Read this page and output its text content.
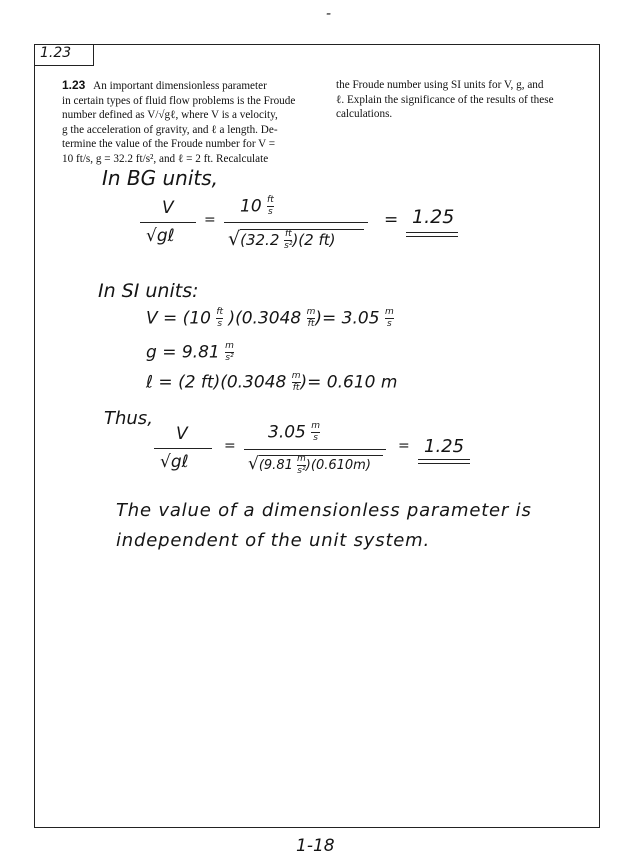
-
1.23
1.23 An important dimensionless parameter
in certain types of fluid flow problems is the Froude
number defined as V/√gℓ, where V is a velocity,
g the acceleration of gravity, and ℓ a length. De-
termine the value of the Froude number for V =
10 ft/s, g = 32.2 ft/s², and ℓ = 2 ft. Recalculate
the Froude number using SI units for V, g, and
ℓ. Explain the significance of the results of these
calculations.
In BG units,
V
√gℓ
=
$10 \frac{ft}{s}$
$√(32.2 \frac{ft}{\text{s²}} )(2$ ft)
= 1.25
In SI units:
$V = (10 \frac{ft}{s} )(0.3048 \frac{m}{ft}$ )= $3.05 \frac{m}{s}$
$g = 9.81 \frac{m}{\text{s²}}$
ℓ = (2 $ft)(0.3048 \frac{m}{ft}$ )= 0.610 m
Thus,
V
√gℓ
=
$3.05 \frac{m}{s}$
$√(9.81 \frac{m}{\text{s²}} )(0.610m)$
= 1.25
The value of a dimensionless parameter is
independent of the unit system.
1-18
